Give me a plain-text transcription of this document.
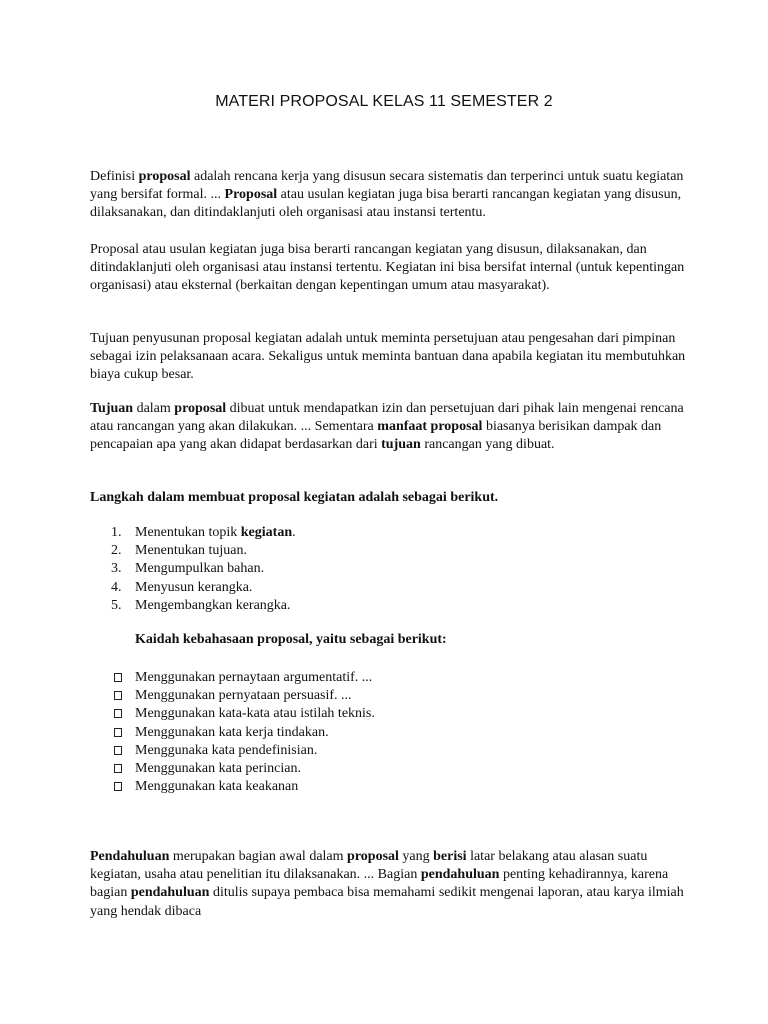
MATERI PROPOSAL KELAS 11 SEMESTER 2

Definisi proposal adalah rencana kerja yang disusun secara sistematis dan terperinci untuk suatu kegiatan yang bersifat formal. ... Proposal atau usulan kegiatan juga bisa berarti rancangan kegiatan yang disusun, dilaksanakan, dan ditindaklanjuti oleh organisasi atau instansi tertentu.

Proposal atau usulan kegiatan juga bisa berarti rancangan kegiatan yang disusun, dilaksanakan, dan ditindaklanjuti oleh organisasi atau instansi tertentu. Kegiatan ini bisa bersifat internal (untuk kepentingan organisasi) atau eksternal (berkaitan dengan kepentingan umum atau masyarakat).

Tujuan penyusunan proposal kegiatan adalah untuk meminta persetujuan atau pengesahan dari pimpinan sebagai izin pelaksanaan acara. Sekaligus untuk meminta bantuan dana apabila kegiatan itu membutuhkan biaya cukup besar.

Tujuan dalam proposal dibuat untuk mendapatkan izin dan persetujuan dari pihak lain mengenai rencana atau rancangan yang akan dilakukan. ... Sementara manfaat proposal biasanya berisikan dampak dan pencapaian apa yang akan didapat berdasarkan dari tujuan rancangan yang dibuat.

Langkah dalam membuat proposal kegiatan adalah sebagai berikut.

1. Menentukan topik kegiatan.
2. Menentukan tujuan.
3. Mengumpulkan bahan.
4. Menyusun kerangka.
5. Mengembangkan kerangka.
Kaidah kebahasaan proposal, yaitu sebagai berikut:
Menggunakan pernaytaan argumentatif. ...
Menggunakan pernyataan persuasif. ...
Menggunakan kata-kata atau istilah teknis.
Menggunakan kata kerja tindakan.
Menggunaka kata pendefinisian.
Menggunakan kata perincian.
Menggunakan kata keakanan

Pendahuluan merupakan bagian awal dalam proposal yang berisi latar belakang atau alasan suatu kegiatan, usaha atau penelitian itu dilaksanakan. ... Bagian pendahuluan penting kehadirannya, karena bagian pendahuluan ditulis supaya pembaca bisa memahami sedikit mengenai laporan, atau karya ilmiah yang hendak dibaca
